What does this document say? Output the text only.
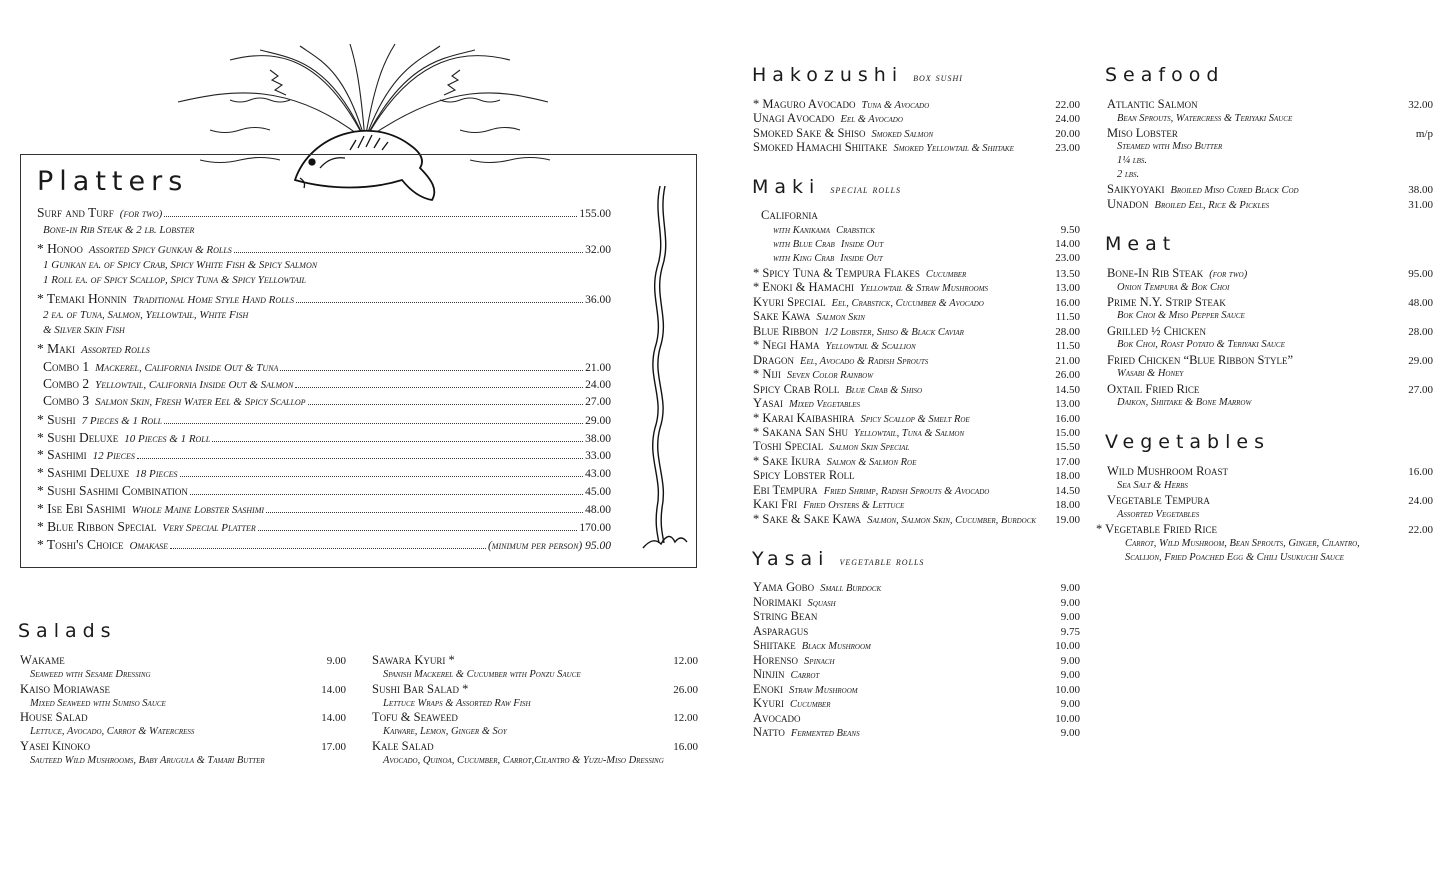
Platters
Surf and Turf (for two)	155.00
Bone-in Rib Steak & 2 lb. Lobster
* Honoo Assorted Spicy Gunkan & Rolls	32.00
1 Gunkan ea. of Spicy Crab, Spicy White Fish & Spicy Salmon
1 Roll ea. of Spicy Scallop, Spicy Tuna & Spicy Yellowtail
* Temaki Honnin Traditional Home Style Hand Rolls	36.00
2 ea. of Tuna, Salmon, Yellowtail, White Fish
& Silver Skin Fish
* Maki Assorted Rolls
Combo 1 Mackerel, California Inside Out & Tuna	21.00
Combo 2 Yellowtail, California Inside Out & Salmon	24.00
Combo 3 Salmon Skin, Fresh Water Eel & Spicy Scallop	27.00
* Sushi 7 Pieces & 1 Roll	29.00
* Sushi Deluxe 10 Pieces & 1 Roll	38.00
* Sashimi 12 Pieces	33.00
* Sashimi Deluxe 18 Pieces	43.00
* Sushi Sashimi Combination	45.00
* Ise Ebi Sashimi Whole Maine Lobster Sashimi	48.00
* Blue Ribbon Special Very Special Platter	170.00
* Toshi's Choice Omakase	(minimum per person) 95.00
Salads
Wakame	9.00
Seaweed with Sesame Dressing
Kaiso Moriawase	14.00
Mixed Seaweed with Sumiso Sauce
House Salad	14.00
Lettuce, Avocado, Carrot & Watercress
Yasei Kinoko	17.00
Sauteed Wild Mushrooms, Baby Arugula & Tamari Butter
Sawara Kyuri *	12.00
Spanish Mackerel & Cucumber with Ponzu Sauce
Sushi Bar Salad *	26.00
Lettuce Wraps & Assorted Raw Fish
Tofu & Seaweed	12.00
Kaiware, Lemon, Ginger & Soy
Kale Salad	16.00
Avocado, Quinoa, Cucumber, Carrot,Cilantro & Yuzu-Miso Dressing
Hakozushi box sushi
Maki special rolls
California
Yasai vegetable rolls
Seafood
Meat
Vegetables
* Maguro Avocado Tuna & Avocado	22.00
Unagi Avocado Eel & Avocado	24.00
Smoked Sake & Shiso Smoked Salmon	20.00
Smoked Hamachi Shiitake Smoked Yellowtail & Shiitake	23.00
with Kanikama Crabstick	9.50
with Blue Crab Inside Out	14.00
with King Crab Inside Out	23.00
* Spicy Tuna & Tempura Flakes Cucumber	13.50
* Enoki & Hamachi Yellowtail & Straw Mushrooms	13.00
Kyuri Special Eel, Crabstick, Cucumber & Avocado	16.00
Sake Kawa Salmon Skin	11.50
Blue Ribbon 1/2 Lobster, Shiso & Black Caviar	28.00
* Negi Hama Yellowtail & Scallion	11.50
Dragon Eel, Avocado & Radish Sprouts	21.00
* Niji Seven Color Rainbow	26.00
Spicy Crab Roll Blue Crab & Shiso	14.50
Yasai Mixed Vegetables	13.00
* Karai Kaibashira Spicy Scallop & Smelt Roe	16.00
* Sakana San Shu Yellowtail, Tuna & Salmon	15.00
Toshi Special Salmon Skin Special	15.50
* Sake Ikura Salmon & Salmon Roe	17.00
Spicy Lobster Roll	18.00
Ebi Tempura Fried Shrimp, Radish Sprouts & Avocado	14.50
Kaki Fri Fried Oysters & Lettuce	18.00
* Sake & Sake Kawa Salmon, Salmon Skin, Cucumber, Burdock 19.00
Yama Gobo Small Burdock	9.00
Norimaki Squash	9.00
String Bean	9.00
Asparagus	9.75
Shiitake Black Mushroom	10.00
Horenso Spinach	9.00
Ninjin Carrot	9.00
Enoki Straw Mushroom	10.00
Kyuri Cucumber	9.00
Avocado	10.00
Natto Fermented Beans	9.00
Atlantic Salmon	32.00
Bean Sprouts, Watercress & Teriyaki Sauce
Miso Lobster	m/p
Steamed with Miso Butter
1¼ lbs.
2 lbs.
Saikyoyaki Broiled Miso Cured Black Cod	38.00
Unadon Broiled Eel, Rice & Pickles	31.00
Bone-In Rib Steak (for two)	95.00
Onion Tempura & Bok Choi
Prime N.Y. Strip Steak	48.00
Bok Choi & Miso Pepper Sauce
Grilled ½ Chicken	28.00
Bok Choi, Roast Potato & Teriyaki Sauce
Fried Chicken “Blue Ribbon Style”	29.00
Wasabi & Honey
Oxtail Fried Rice	27.00
Daikon, Shiitake & Bone Marrow
Wild Mushroom Roast	16.00
Sea Salt & Herbs
Vegetable Tempura	24.00
Assorted Vegetables
* Vegetable Fried Rice	22.00
Carrot, Wild Mushroom, Bean Sprouts, Ginger, Cilantro,
Scallion, Fried Poached Egg & Chili Usukuchi Sauce
